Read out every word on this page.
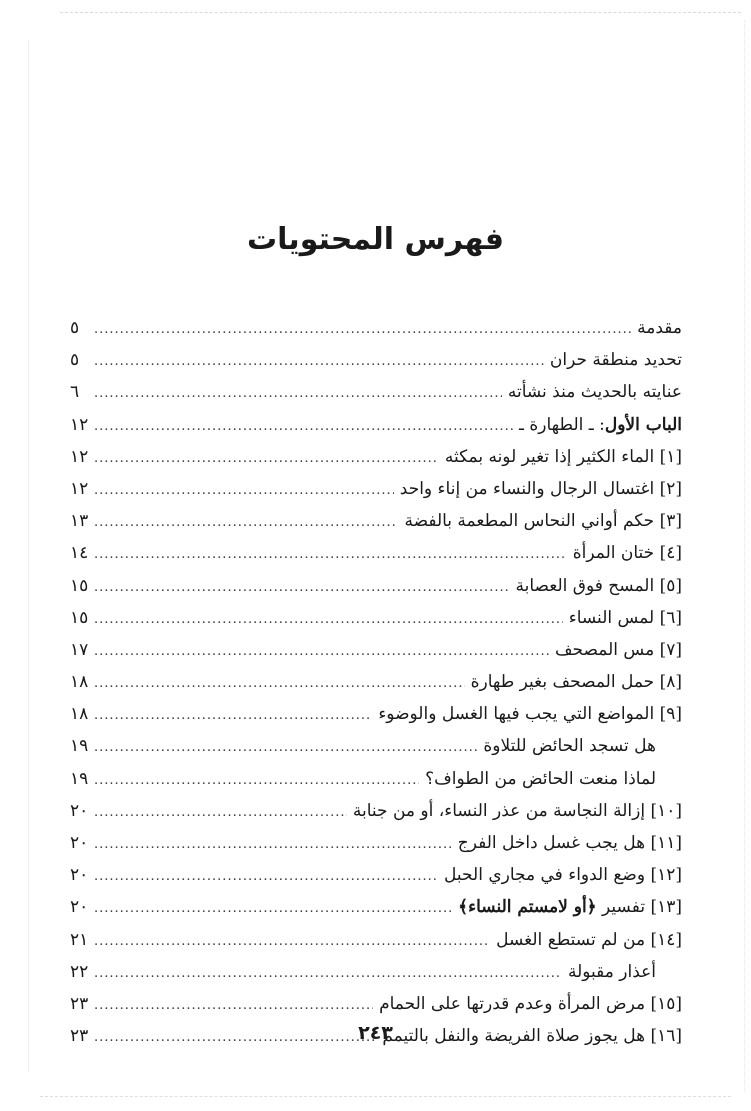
فهرس المحتويات
مقدمة
.....
٥
تحديد منطقة حران
.....
٥
عنايته بالحديث منذ نشأته
.....
٦
الباب الأول: ـ الطهارة ـ
.....
١٢
[١] الماء الكثير إذا تغير لونه بمكثه
.....
١٢
[٢] اغتسال الرجال والنساء من إناء واحد
.....
١٢
[٣] حكم أواني النحاس المطعمة بالفضة
.....
١٣
[٤] ختان المرأة
.....
١٤
[٥] المسح فوق العصابة
.....
١٥
[٦] لمس النساء
.....
١٥
[٧] مس المصحف
.....
١٧
[٨] حمل المصحف بغير طهارة
.....
١٨
[٩] المواضع التي يجب فيها الغسل والوضوء
.....
١٨
هل تسجد الحائض للتلاوة
.....
١٩
لماذا منعت الحائض من الطواف؟
.....
١٩
[١٠] إزالة النجاسة من عذر النساء، أو من جنابة
.....
٢٠
[١١] هل يجب غسل داخل الفرج
.....
٢٠
[١٢] وضع الدواء في مجاري الحبل
.....
٢٠
[١٣] تفسير ﴿أو لامستم النساء﴾
.....
٢٠
[١٤] من لم تستطع الغسل
.....
٢١
أعذار مقبولة
.....
٢٢
[١٥] مرض المرأة وعدم قدرتها على الحمام
.....
٢٣
[١٦] هل يجوز صلاة الفريضة والنفل بالتيمم
.....
٢٣	٢٤٣
